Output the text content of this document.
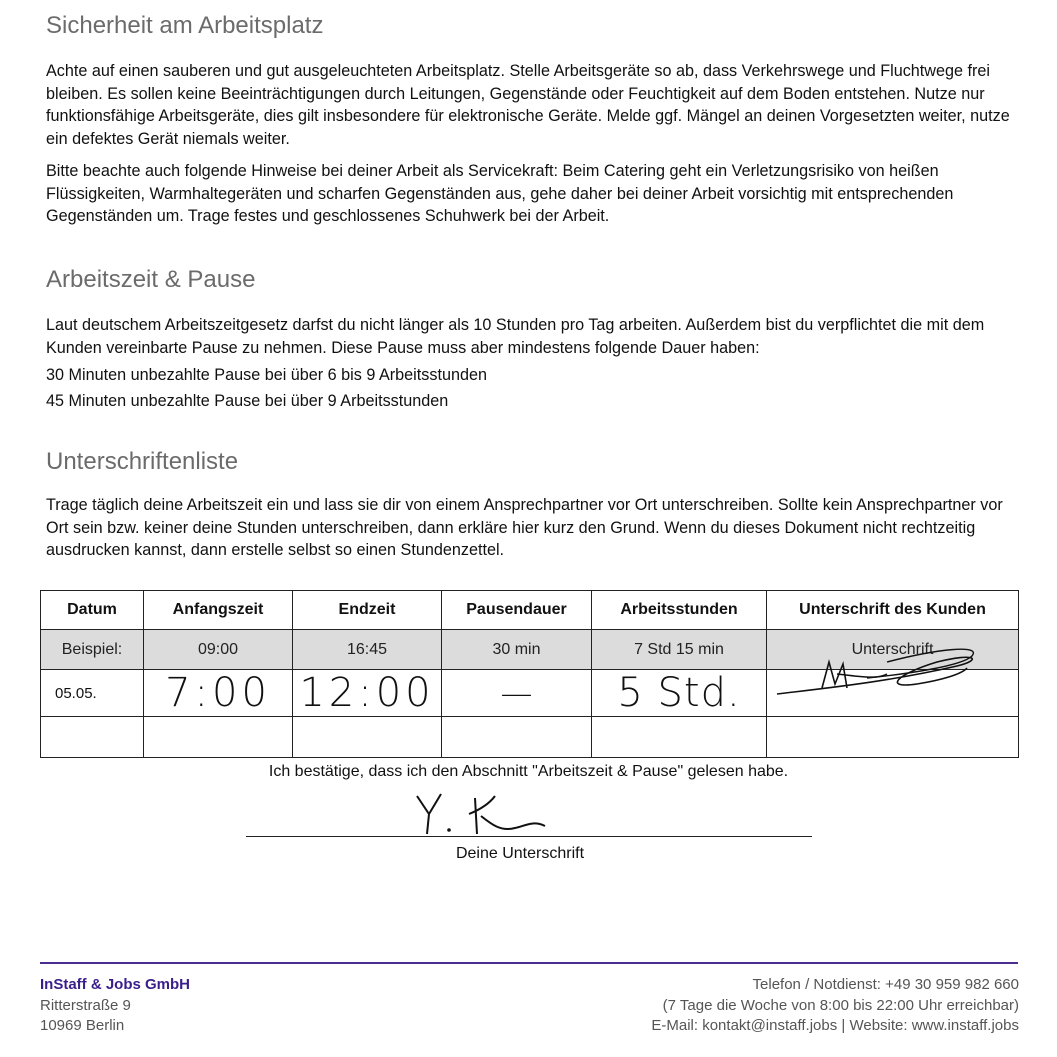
Sicherheit am Arbeitsplatz

Achte auf einen sauberen und gut ausgeleuchteten Arbeitsplatz. Stelle Arbeitsgeräte so ab, dass Verkehrswege und Fluchtwege frei bleiben. Es sollen keine Beeinträchtigungen durch Leitungen, Gegenstände oder Feuchtigkeit auf dem Boden entstehen. Nutze nur funktionsfähige Arbeitsgeräte, dies gilt insbesondere für elektronische Geräte. Melde ggf. Mängel an deinen Vorgesetzten weiter, nutze ein defektes Gerät niemals weiter.

Bitte beachte auch folgende Hinweise bei deiner Arbeit als Servicekraft: Beim Catering geht ein Verletzungsrisiko von heißen Flüssigkeiten, Warmhaltegeräten und scharfen Gegenständen aus, gehe daher bei deiner Arbeit vorsichtig mit entsprechenden Gegenständen um. Trage festes und geschlossenes Schuhwerk bei der Arbeit.

Arbeitszeit & Pause

Laut deutschem Arbeitszeitgesetz darfst du nicht länger als 10 Stunden pro Tag arbeiten. Außerdem bist du verpflichtet die mit dem Kunden vereinbarte Pause zu nehmen. Diese Pause muss aber mindestens folgende Dauer haben:

30 Minuten unbezahlte Pause bei über 6 bis 9 Arbeitsstunden
45 Minuten unbezahlte Pause bei über 9 Arbeitsstunden
Unterschriftenliste

Trage täglich deine Arbeitszeit ein und lass sie dir von einem Ansprechpartner vor Ort unterschreiben. Sollte kein Ansprechpartner vor Ort sein bzw. keiner deine Stunden unterschreiben, dann erkläre hier kurz den Grund. Wenn du dieses Dokument nicht rechtzeitig ausdrucken kannst, dann erstelle selbst so einen Stundenzettel.

Datum	Anfangszeit	Endzeit	Pausendauer	Arbeitsstunden	Unterschrift des Kunden
Beispiel:	09:00	16:45	30 min	7 Std 15 min	Unterschrift
05.05.	7:00	12:00	—	5 Std.	

Ich bestätige, dass ich den Abschnitt "Arbeitszeit & Pause" gelesen habe.
Deine Unterschrift
InStaff & Jobs GmbH
Ritterstraße 9
10969 Berlin
Telefon / Notdienst: +49 30 959 982 660
(7 Tage die Woche von 8:00 bis 22:00 Uhr erreichbar)
E-Mail: kontakt@instaff.jobs | Website: www.instaff.jobs
